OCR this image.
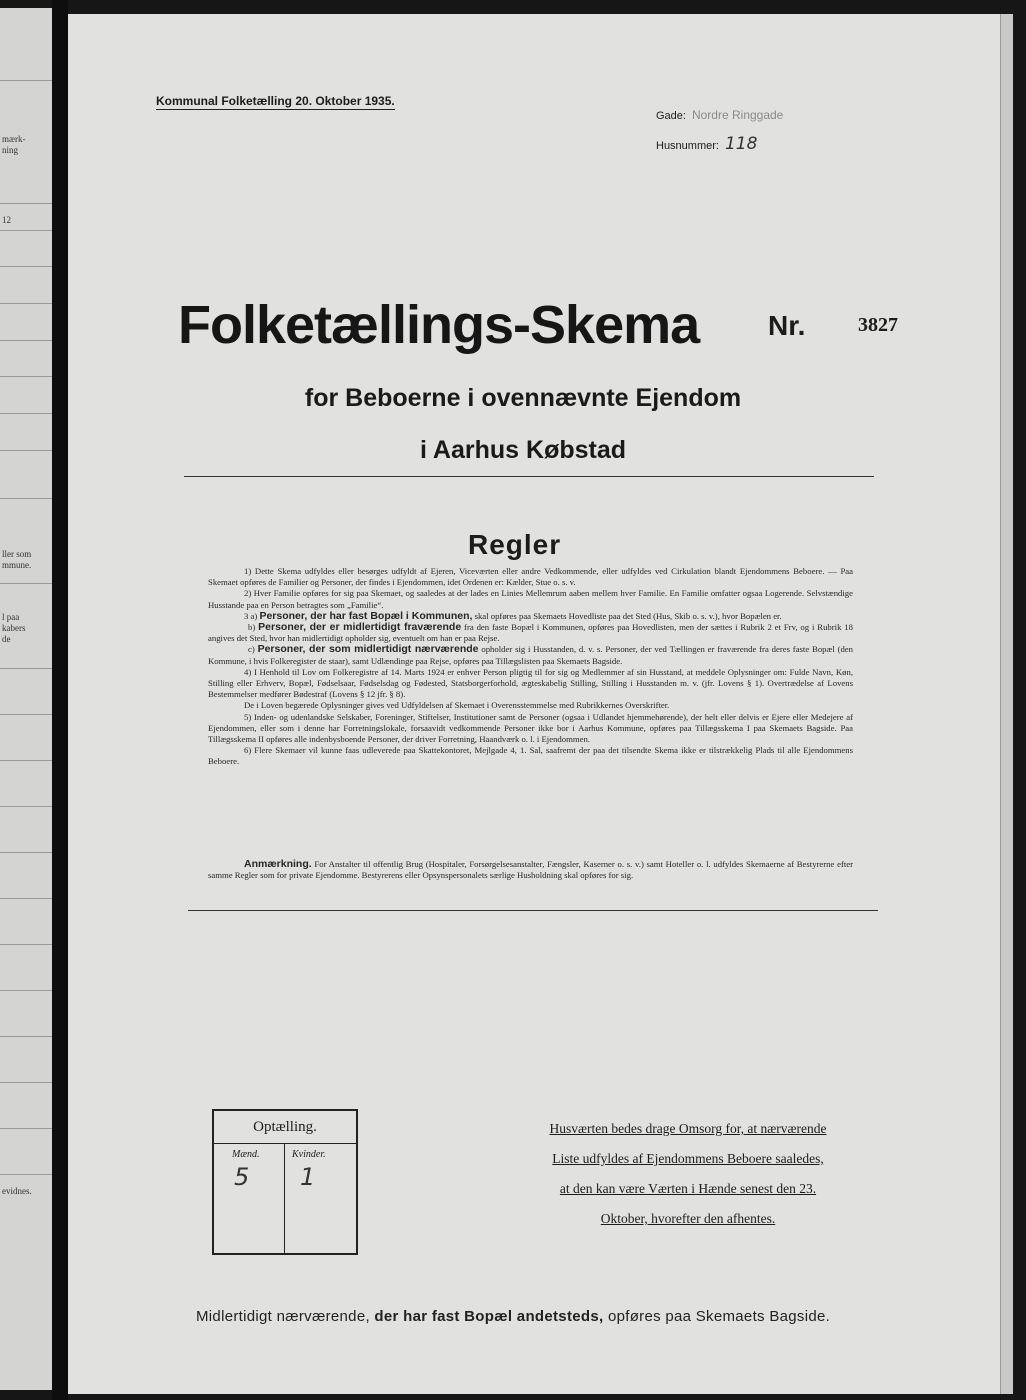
mærk-
ning
12
ller som
mmune.
l paa
kabers
de
evidnes.
Kommunal Folketælling 20. Oktober 1935.
Gade: Nordre Ringgade
Husnummer: 118
Folketællings-Skema Nr.	3827
for Beboerne i ovennævnte Ejendom
i Aarhus Købstad
Regler

1) Dette Skema udfyldes eller besørges udfyldt af Ejeren, Viceværten eller andre Vedkommende, eller udfyldes ved Cirkulation blandt Ejendommens Beboere. — Paa Skemaet opføres de Familier og Personer, der findes i Ejendommen, idet Ordenen er: Kælder, Stue o. s. v.

2) Hver Familie opføres for sig paa Skemaet, og saaledes at der lades en Linies Mellemrum aaben mellem hver Familie. En Familie omfatter ogsaa Logerende. Selvstændige Husstande paa en Person betragtes som „Familie“.

3 a) Personer, der har fast Bopæl i Kommunen, skal opføres paa Skemaets Hovedliste paa det Sted (Hus, Skib o. s. v.), hvor Bopælen er.

b) Personer, der er midlertidigt fraværende fra den faste Bopæl i Kommunen, opføres paa Hovedlisten, men der sættes i Rubrik 2 et Frv, og i Rubrik 18 angives det Sted, hvor han midlertidigt opholder sig, eventuelt om han er paa Rejse.

c) Personer, der som midlertidigt nærværende opholder sig i Husstanden, d. v. s. Personer, der ved Tællingen er fraværende fra deres faste Bopæl (den Kommune, i hvis Folkeregister de staar), samt Udlændinge paa Rejse, opføres paa Tillægslisten paa Skemaets Bagside.

4) I Henhold til Lov om Folkeregistre af 14. Marts 1924 er enhver Person pligtig til for sig og Medlemmer af sin Husstand, at meddele Oplysninger om: Fulde Navn, Køn, Stilling eller Erhverv, Bopæl, Fødselsaar, Fødselsdag og Fødested, Statsborgerforhold, ægteskabelig Stilling, Stilling i Husstanden m. v. (jfr. Lovens § 1). Overtrædelse af Lovens Bestemmelser medfører Bødestraf (Lovens § 12 jfr. § 8).

De i Loven begærede Oplysninger gives ved Udfyldelsen af Skemaet i Overensstemmelse med Rubrikkernes Overskrifter.

5) Inden- og udenlandske Selskaber, Foreninger, Stiftelser, Institutioner samt de Personer (ogsaa i Udlandet hjemmehørende), der helt eller delvis er Ejere eller Medejere af Ejendommen, eller som i denne har Forretningslokale, forsaavidt vedkommende Personer ikke bor i Aarhus Kommune, opføres paa Tillægsskema I paa Skemaets Bagside. Paa Tillægsskema II opføres alle indenbysboende Personer, der driver Forretning, Haandværk o. l. i Ejendommen.

6) Flere Skemaer vil kunne faas udleverede paa Skattekontoret, Mejlgade 4, 1. Sal, saafremt der paa det tilsendte Skema ikke er tilstrækkelig Plads til alle Ejendommens Beboere.

Anmærkning. For Anstalter til offentlig Brug (Hospitaler, Forsørgelsesanstalter, Fængsler, Kaserner o. s. v.) samt Hoteller o. l. udfyldes Skemaerne af Bestyrerne efter samme Regler som for private Ejendomme. Bestyrerens eller Opsynspersonalets særlige Husholdning skal opføres for sig.
Optælling.
Mænd.	Kvinder.
5 1
Husværten bedes drage Omsorg for, at nærværende
Liste udfyldes af Ejendommens Beboere saaledes,
at den kan være Værten i Hænde senest den 23.
Oktober, hvorefter den afhentes.
Midlertidigt nærværende, der har fast Bopæl andetsteds, opføres paa Skemaets Bagside.
